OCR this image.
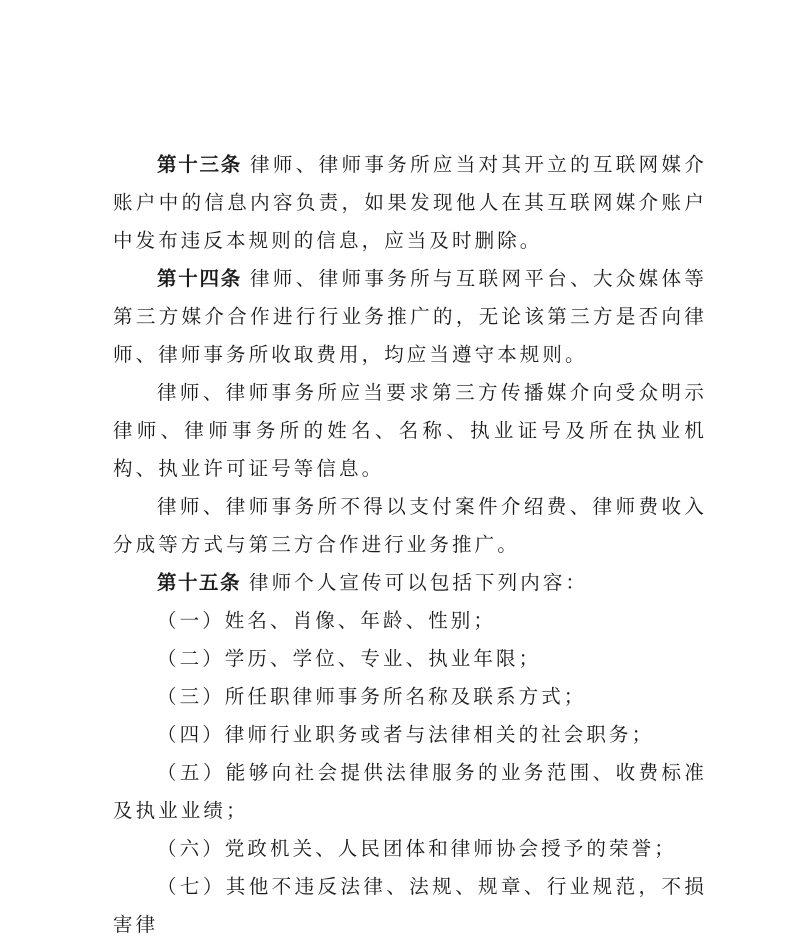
第十三条 律师、律师事务所应当对其开立的互联网媒介账户中的信息内容负责，如果发现他人在其互联网媒介账户中发布违反本规则的信息，应当及时删除。

第十四条 律师、律师事务所与互联网平台、大众媒体等第三方媒介合作进行行业务推广的，无论该第三方是否向律师、律师事务所收取费用，均应当遵守本规则。

律师、律师事务所应当要求第三方传播媒介向受众明示律师、律师事务所的姓名、名称、执业证号及所在执业机构、执业许可证号等信息。

律师、律师事务所不得以支付案件介绍费、律师费收入分成等方式与第三方合作进行业务推广。

第十五条 律师个人宣传可以包括下列内容：

（一）姓名、肖像、年龄、性别；

（二）学历、学位、专业、执业年限；

（三）所任职律师事务所名称及联系方式；

（四）律师行业职务或者与法律相关的社会职务；

（五）能够向社会提供法律服务的业务范围、收费标准及执业业绩；

（六）党政机关、人民团体和律师协会授予的荣誉；

（七）其他不违反法律、法规、规章、行业规范，不损害律
